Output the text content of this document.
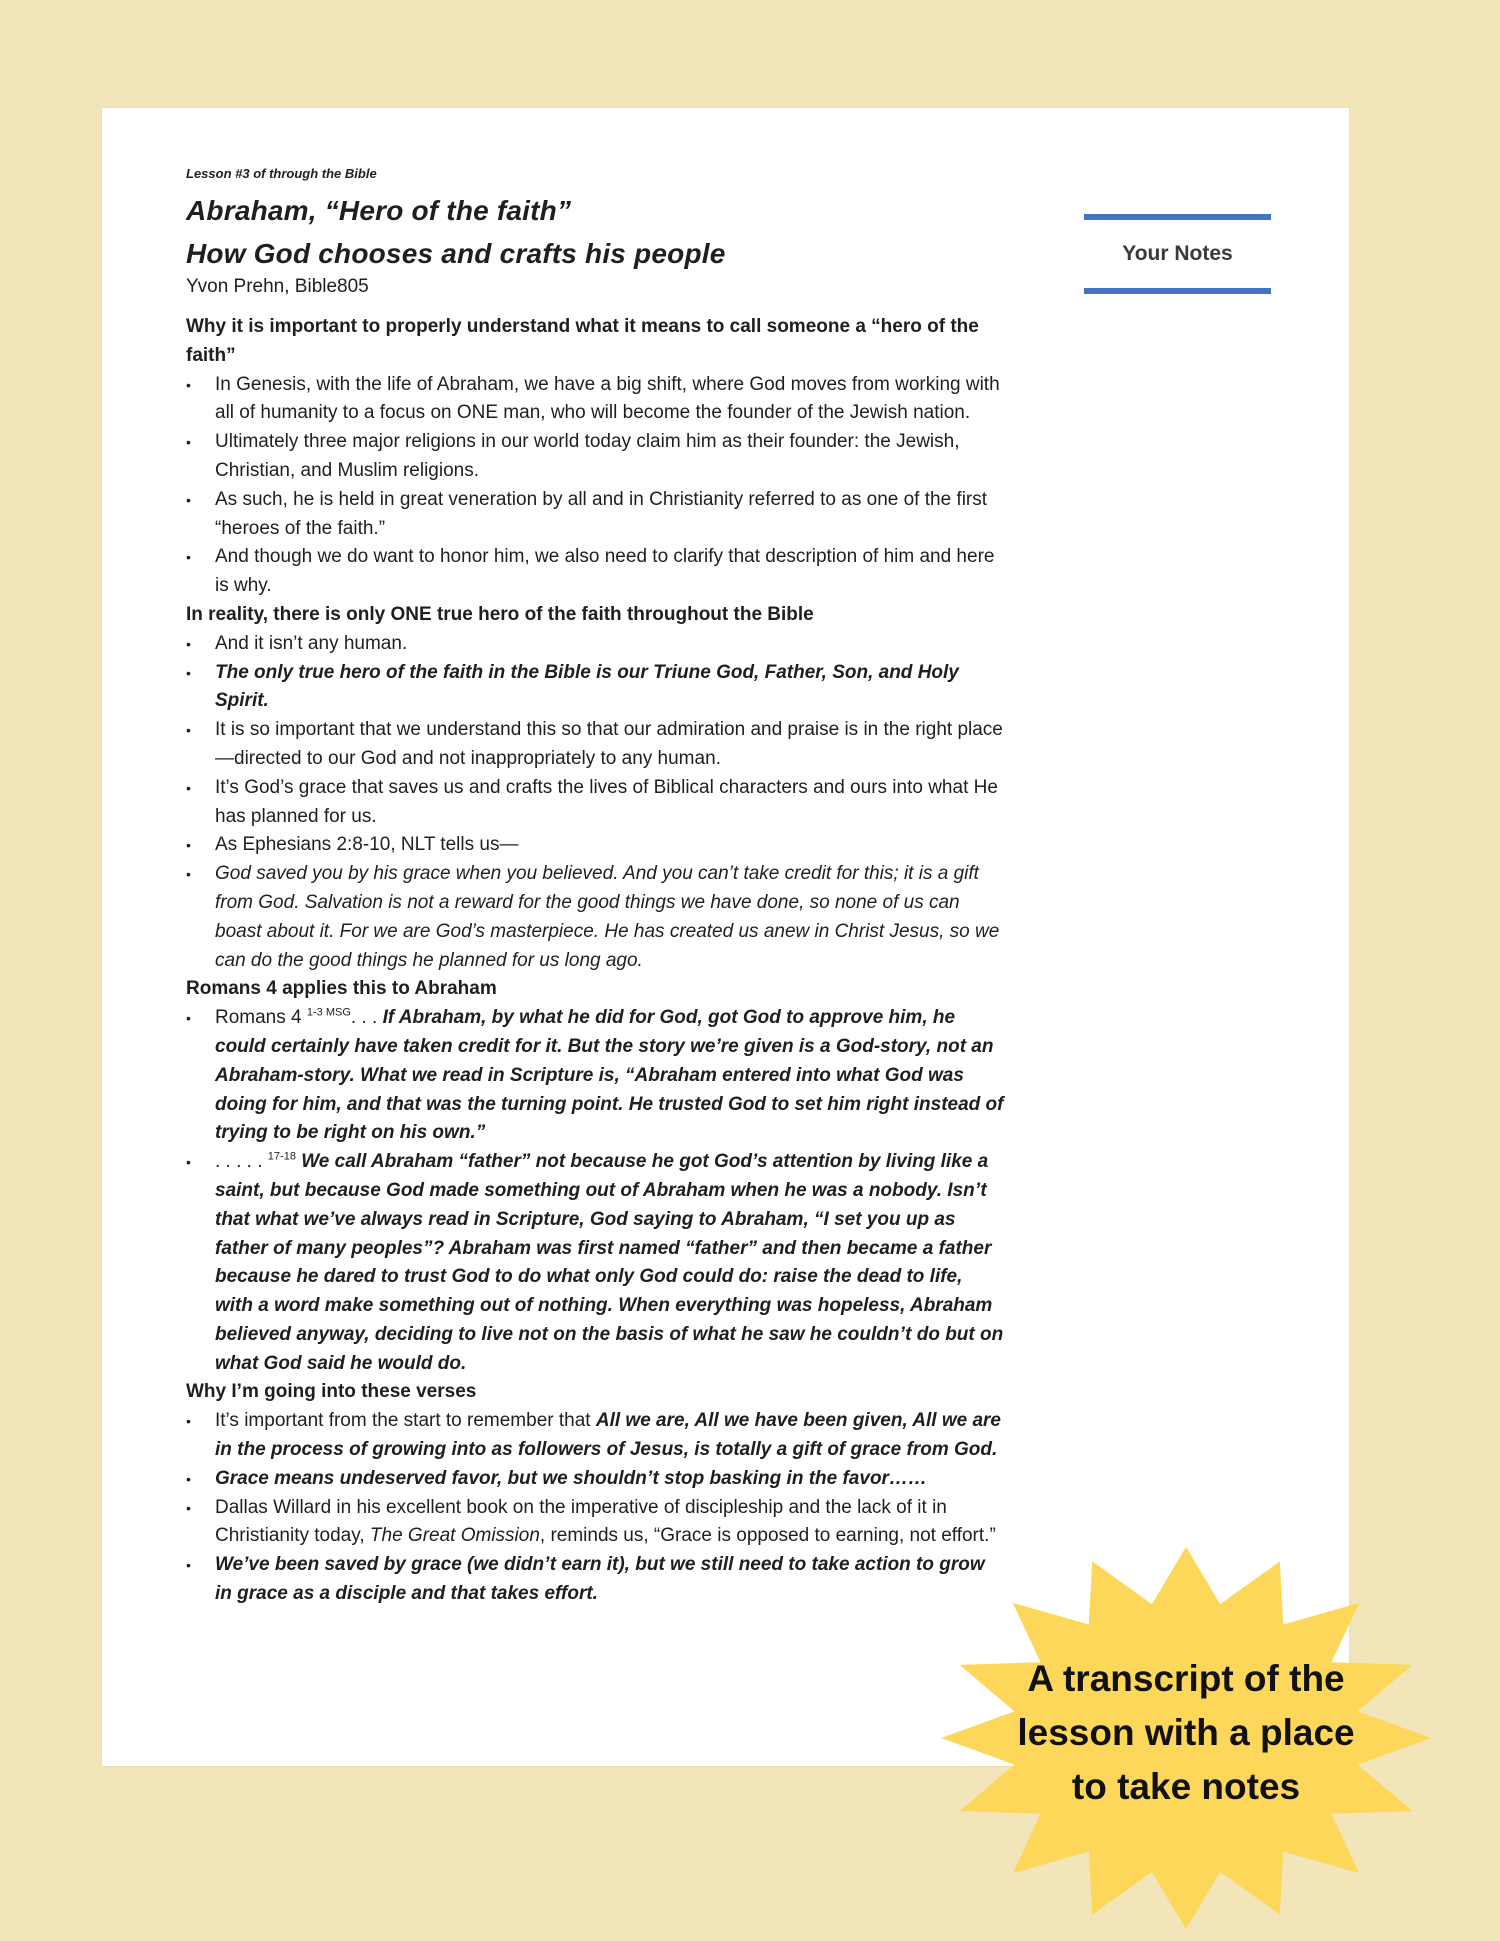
Lesson #3 of through the Bible

Abraham, “Hero of the faith”

How God chooses and crafts his people

Yvon Prehn, Bible805

Why it is important to properly understand what it means to call someone a “hero of the faith”

• In Genesis, with the life of Abraham, we have a big shift, where God moves from working with all of humanity to a focus on ONE man, who will become the founder of the Jewish nation.
• Ultimately three major religions in our world today claim him as their founder: the Jewish, Christian, and Muslim religions.
• As such, he is held in great veneration by all and in Christianity referred to as one of the first “heroes of the faith.”
• And though we do want to honor him, we also need to clarify that description of him and here is why.

In reality, there is only ONE true hero of the faith throughout the Bible

• And it isn’t any human.
• The only true hero of the faith in the Bible is our Triune God, Father, Son, and Holy Spirit.
• It is so important that we understand this so that our admiration and praise is in the right place—directed to our God and not inappropriately to any human.
• It’s God’s grace that saves us and crafts the lives of Biblical characters and ours into what He has planned for us.
• As Ephesians 2:8-10, NLT tells us—
• God saved you by his grace when you believed. And you can’t take credit for this; it is a gift from God. Salvation is not a reward for the good things we have done, so none of us can boast about it. For we are God’s masterpiece. He has created us anew in Christ Jesus, so we can do the good things he planned for us long ago.

Romans 4 applies this to Abraham

• Romans 4 $^{1-3 MSG}$. . . If Abraham, by what he did for God, got God to approve him, he could certainly have taken credit for it. But the story we’re given is a God-story, not an Abraham-story. What we read in Scripture is, “Abraham entered into what God was doing for him, and that was the turning point. He trusted God to set him right instead of trying to be right on his own.”
• . . . . . $^{17-18}$ We call Abraham “father” not because he got God’s attention by living like a saint, but because God made something out of Abraham when he was a nobody. Isn’t that what we’ve always read in Scripture, God saying to Abraham, “I set you up as father of many peoples”? Abraham was first named “father” and then became a father because he dared to trust God to do what only God could do: raise the dead to life, with a word make something out of nothing. When everything was hopeless, Abraham believed anyway, deciding to live not on the basis of what he saw he couldn’t do but on what God said he would do.

Why I’m going into these verses

• It’s important from the start to remember that All we are, All we have been given, All we are in the process of growing into as followers of Jesus, is totally a gift of grace from God.
• Grace means undeserved favor, but we shouldn’t stop basking in the favor……
• Dallas Willard in his excellent book on the imperative of discipleship and the lack of it in Christianity today, The Great Omission, reminds us, “Grace is opposed to earning, not effort.”
• We’ve been saved by grace (we didn’t earn it), but we still need to take action to grow in grace as a disciple and that takes effort.
Your Notes
A transcript of the lesson with a place to take notes
